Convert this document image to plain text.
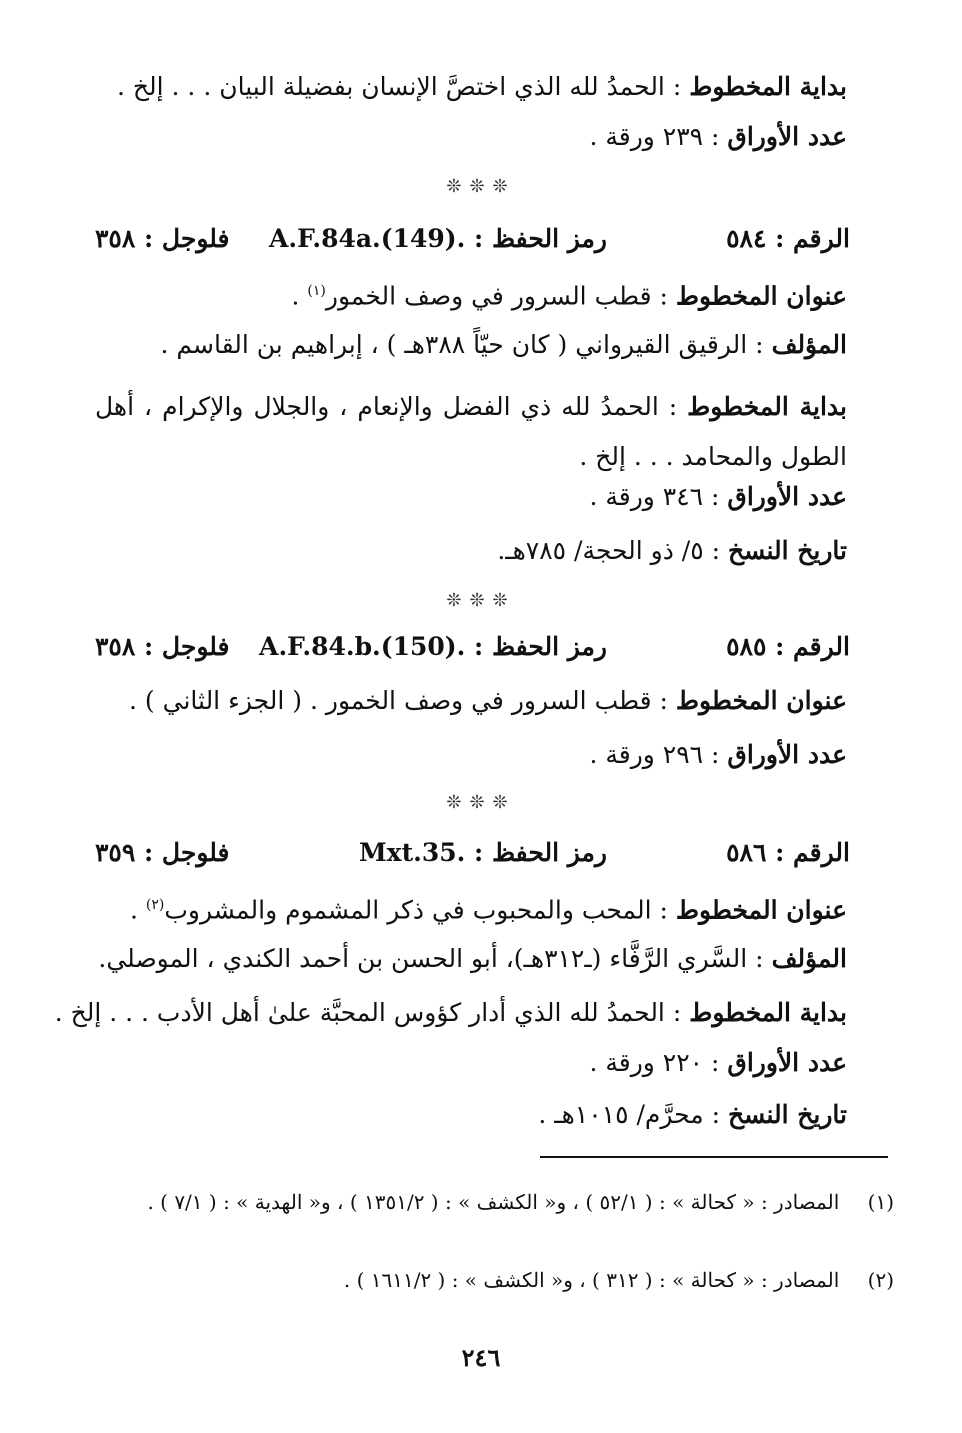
بداية المخطوط : الحمدُ لله الذي اختصَّ الإنسان بفضيلة البيان . . . إلخ .
عدد الأوراق : ٢٣٩ ورقة .
❊❊❊
الرقم : ٥٨٤
رمز الحفظ : .A.F.84a.(149)
فلوجل : ٣٥٨
عنوان المخطوط : قطب السرور في وصف الخمور$^{(١)}$ .
المؤلف : الرقيق القيرواني ( كان حيّاً ٣٨٨هـ ) ، إبراهيم بن القاسم .
بداية المخطوط : الحمدُ لله ذي الفضل والإنعام ، والجلال والإكرام ، أهل الطول والمحامد . . . إلخ .
عدد الأوراق : ٣٤٦ ورقة .
تاريخ النسخ : ٥/ ذو الحجة/ ٧٨٥هـ.
❊❊❊
الرقم : ٥٨٥
رمز الحفظ : .A.F.84.b.(150)
فلوجل : ٣٥٨
عنوان المخطوط : قطب السرور في وصف الخمور . ( الجزء الثاني ) .
عدد الأوراق : ٢٩٦ ورقة .
❊❊❊
الرقم : ٥٨٦
رمز الحفظ : .Mxt.35
فلوجل : ٣٥٩
عنوان المخطوط : المحب والمحبوب في ذكر المشموم والمشروب$^{(٢)}$ .
المؤلف : السَّري الرَّفَّاء (ـ٣١٢هـ)، أبو الحسن بن أحمد الكندي ، الموصلي.
بداية المخطوط : الحمدُ لله الذي أدار كؤوس المحبَّة علىٰ أهل الأدب . . . إلخ .
عدد الأوراق : ٢٢٠ ورقة .
تاريخ النسخ : محرَّم/ ١٠١٥هـ .
(١) المصادر : « كحالة » : ( ٥٢/١ ) ، و« الكشف » : ( ١٣٥١/٢ ) ، و« الهدية » : ( ٧/١ ) .
(٢) المصادر : « كحالة » : ( ٣١٢ ) ، و« الكشف » : ( ١٦١١/٢ ) .
٢٤٦
